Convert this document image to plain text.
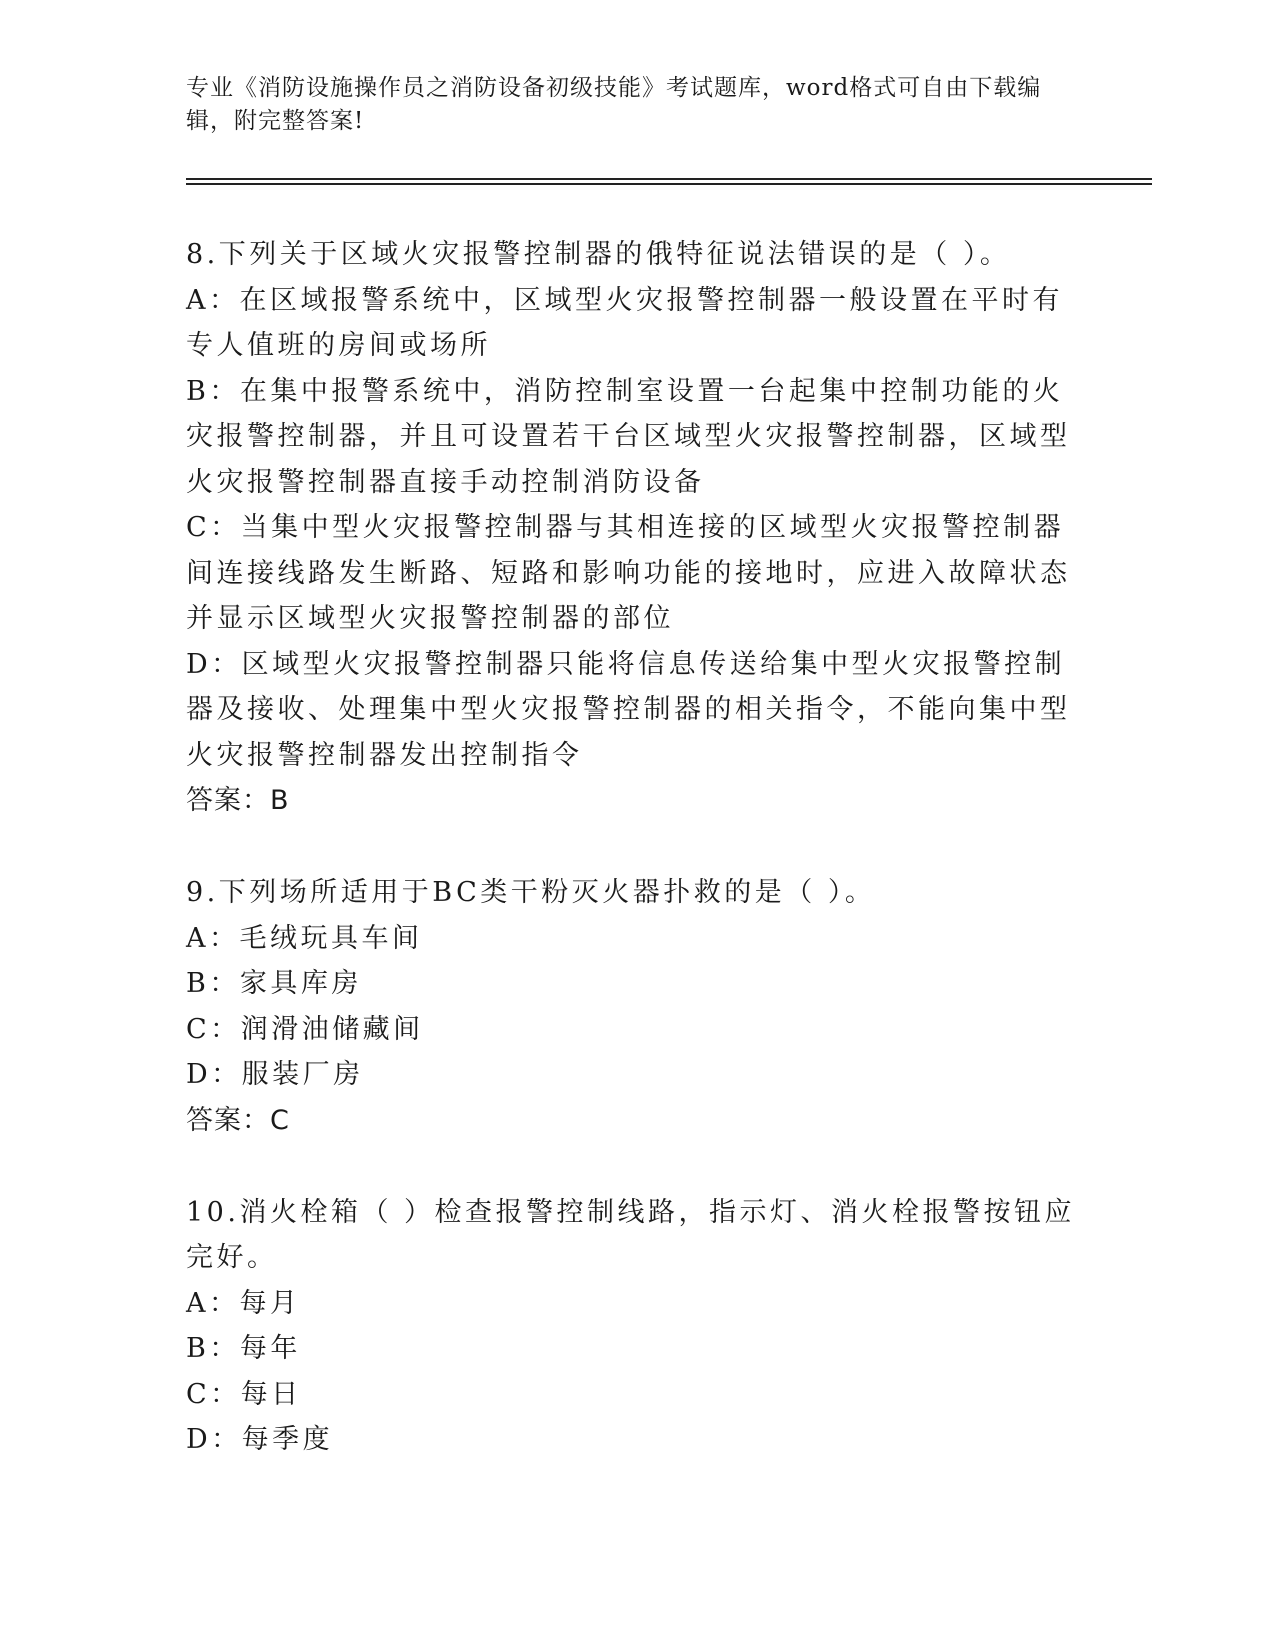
专业《消防设施操作员之消防设备初级技能》考试题库，word格式可自由下载编辑，附完整答案!

8.下列关于区域火灾报警控制器的俄特征说法错误的是（ ）。

A：在区域报警系统中，区域型火灾报警控制器一般设置在平时有专人值班的房间或场所

B：在集中报警系统中，消防控制室设置一台起集中控制功能的火灾报警控制器，并且可设置若干台区域型火灾报警控制器，区域型火灾报警控制器直接手动控制消防设备

C：当集中型火灾报警控制器与其相连接的区域型火灾报警控制器间连接线路发生断路、短路和影响功能的接地时，应进入故障状态并显示区域型火灾报警控制器的部位

D：区域型火灾报警控制器只能将信息传送给集中型火灾报警控制器及接收、处理集中型火灾报警控制器的相关指令，不能向集中型火灾报警控制器发出控制指令

答案：B

9.下列场所适用于BC类干粉灭火器扑救的是（ ）。

A：毛绒玩具车间

B：家具库房

C：润滑油储藏间

D：服装厂房

答案：C

10.消火栓箱（ ）检查报警控制线路，指示灯、消火栓报警按钮应完好。

A：每月

B：每年

C：每日

D：每季度
